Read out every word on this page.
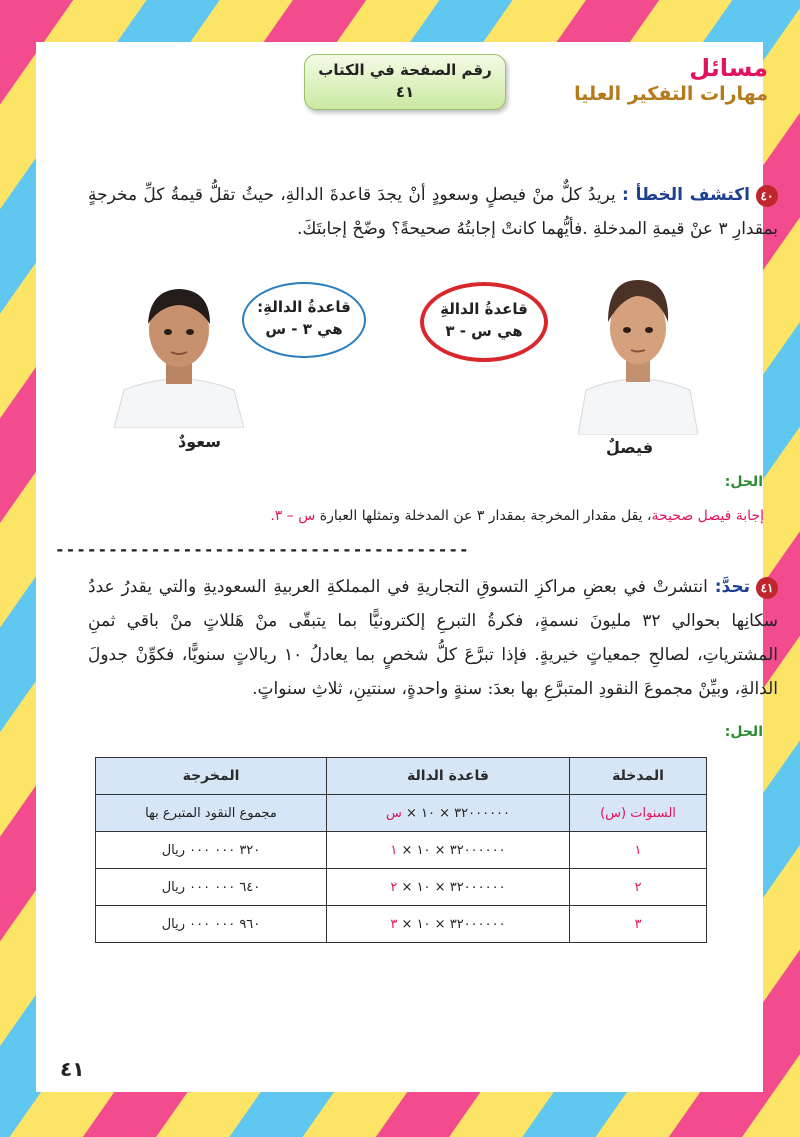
مسائل
مهارات التفكير العليا
رقم الصفحة في الكتاب
٤١
٤٠اكتشف الخطأ : يريدُ كلٌّ منْ فيصلٍ وسعودٍ أنْ يجدَ قاعدةَ الدالةِ، حيثُ تقلُّ قيمةُ كلِّ مخرجةٍ بمقدارِ ٣ عنْ قيمةِ المدخلةِ .فأيُّهما كانتْ إجابتُهُ صحيحةً؟ وضّحْ إجابتَكَ.
سعودٌ
قاعدةُ الدالةِ:
هي ٣ - س
قاعدةُ الدالةِ
هي س - ٣
فيصلٌ
الحل:
إجابة فيصل صحيحة، يقل مقدار المخرجة بمقدار ٣ عن المدخلة وتمثلها العبارة س – ٣.
---------------------------------------
٤١تحدَّ: انتشرتْ في بعضِ مراكزِ التسوقِ التجاريةِ في المملكةِ العربيةِ السعوديةِ والتي يقدرُ عددُ سكانِها بحوالي ٣٢ مليونَ نسمةٍ، فكرةُ التبرعِ إلكترونيًّا بما يتبقّى منْ هَللاتٍ منْ باقي ثمنِ المشترياتِ، لصالحِ جمعياتٍ خيريةٍ. فإذا تبرَّعَ كلُّ شخصٍ بما يعادلُ ١٠ ريالاتٍ سنويًّا، فكوِّنْ جدولَ الدالةِ، وبيِّنْ مجموعَ النقودِ المتبرَّعِ بها بعدَ: سنةٍ واحدةٍ، سنتينِ، ثلاثِ سنواتٍ.
الحل:
المدخلة	قاعدة الدالة	المخرجة
السنوات (س)	٣٢٠٠٠٠٠٠ × ١٠ × س	مجموع النقود المتبرع بها
١	٣٢٠٠٠٠٠٠ × ١٠ × ١	٣٢٠ ٠٠٠ ٠٠٠ ريال
٢	٣٢٠٠٠٠٠٠ × ١٠ × ٢	٦٤٠ ٠٠٠ ٠٠٠ ريال
٣	٣٢٠٠٠٠٠٠ × ١٠ × ٣	٩٦٠ ٠٠٠ ٠٠٠ ريال
٤١
